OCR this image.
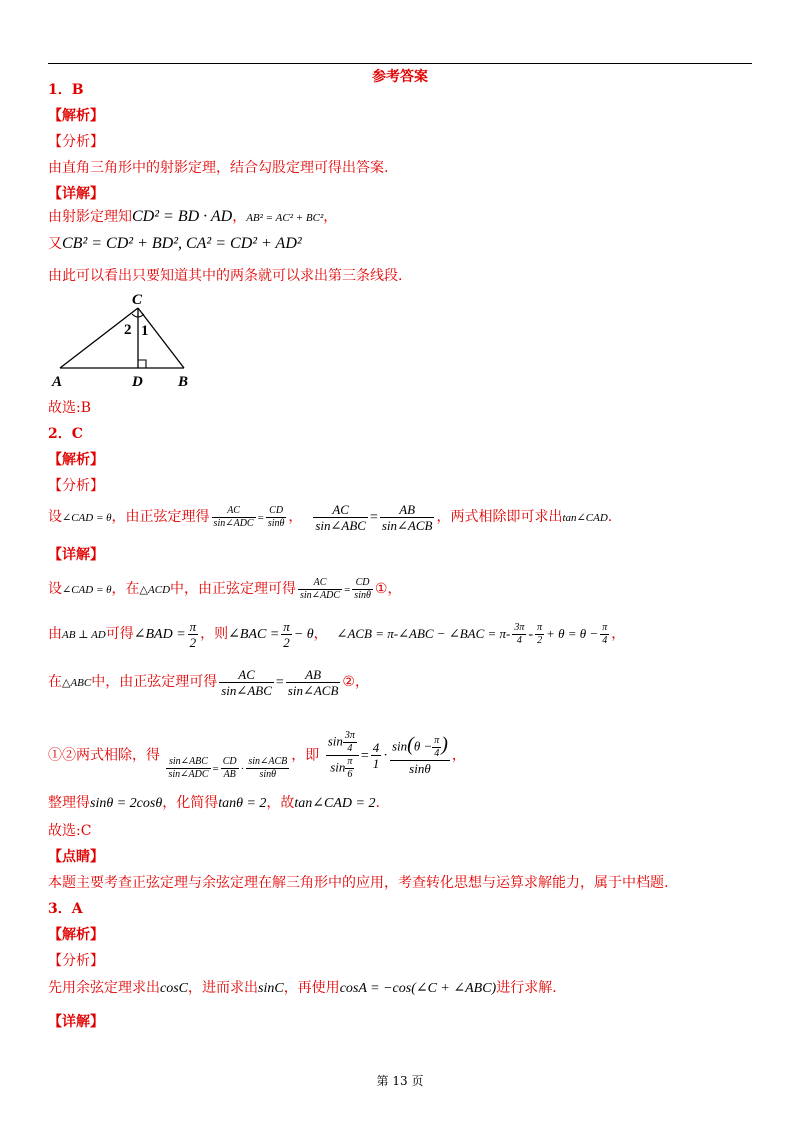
参考答案
1．B
【解析】
【分析】
由直角三角形中的射影定理，结合勾股定理可得出答案.
【详解】
由射影定理知CD² = BD · AD，AB² = AC² + BC²，
又CB² = CD² + BD², CA² = CD² + AD²
由此可以看出只要知道其中的两条就可以求出第三条线段.
C
2 1
A	D B
故选:B
2．C
【解析】
【分析】
设∠CAD = θ，由正弦定理得 $\frac{AC}{\text{sin∠ADC}} = \frac{CD}{\sin\theta}$ ， $\frac{AC}{\text{sin∠ABC}} = \frac{AB}{\text{sin∠ACB}}$ ，两式相除即可求出tan∠CAD.
【详解】
设∠CAD = θ，在△ACD中，由正弦定理可得 $\frac{AC}{\text{sin∠ADC}} = \frac{CD}{\sin\theta}$ ①，
由AB ⊥ AD可得∠BAD = $\frac{\pi}{2}$ ，则∠BAC = $\frac{\pi}{2} - \theta$， ∠ACB = π-∠ABC − ∠BAC = $\pi- \frac{3\pi}{4} - \frac{\pi}{2} + \theta = \theta - \frac{\pi}{4}$ ，
在△ABC中，由正弦定理可得 $\frac{AC}{\text{sin∠ABC}} = \frac{AB}{\text{sin∠ACB}}$ ②，
①②两式相除，得 $\frac{\text{sin∠ABC}}{\text{sin∠ADC}} = \frac{CD}{AB} \cdot \frac{\text{sin∠ACB}}{\sin\theta}$ ，即 $\frac{\sin \frac{3\pi}{4}}{\sin \frac{\pi}{6}} = \frac{4}{1} \cdot \frac{\sin(\theta - \frac{\pi}{4} )}{\sin\theta}$ ，
整理得sinθ = 2cosθ，化简得tanθ = 2，故tan∠CAD = 2.
故选:C
【点睛】
本题主要考查正弦定理与余弦定理在解三角形中的应用，考查转化思想与运算求解能力，属于中档题.
3．A
【解析】
【分析】
先用余弦定理求出cosC，进而求出sinC，再使用cosA = −cos(∠C + ∠ABC)进行求解.
【详解】
第 13 页
